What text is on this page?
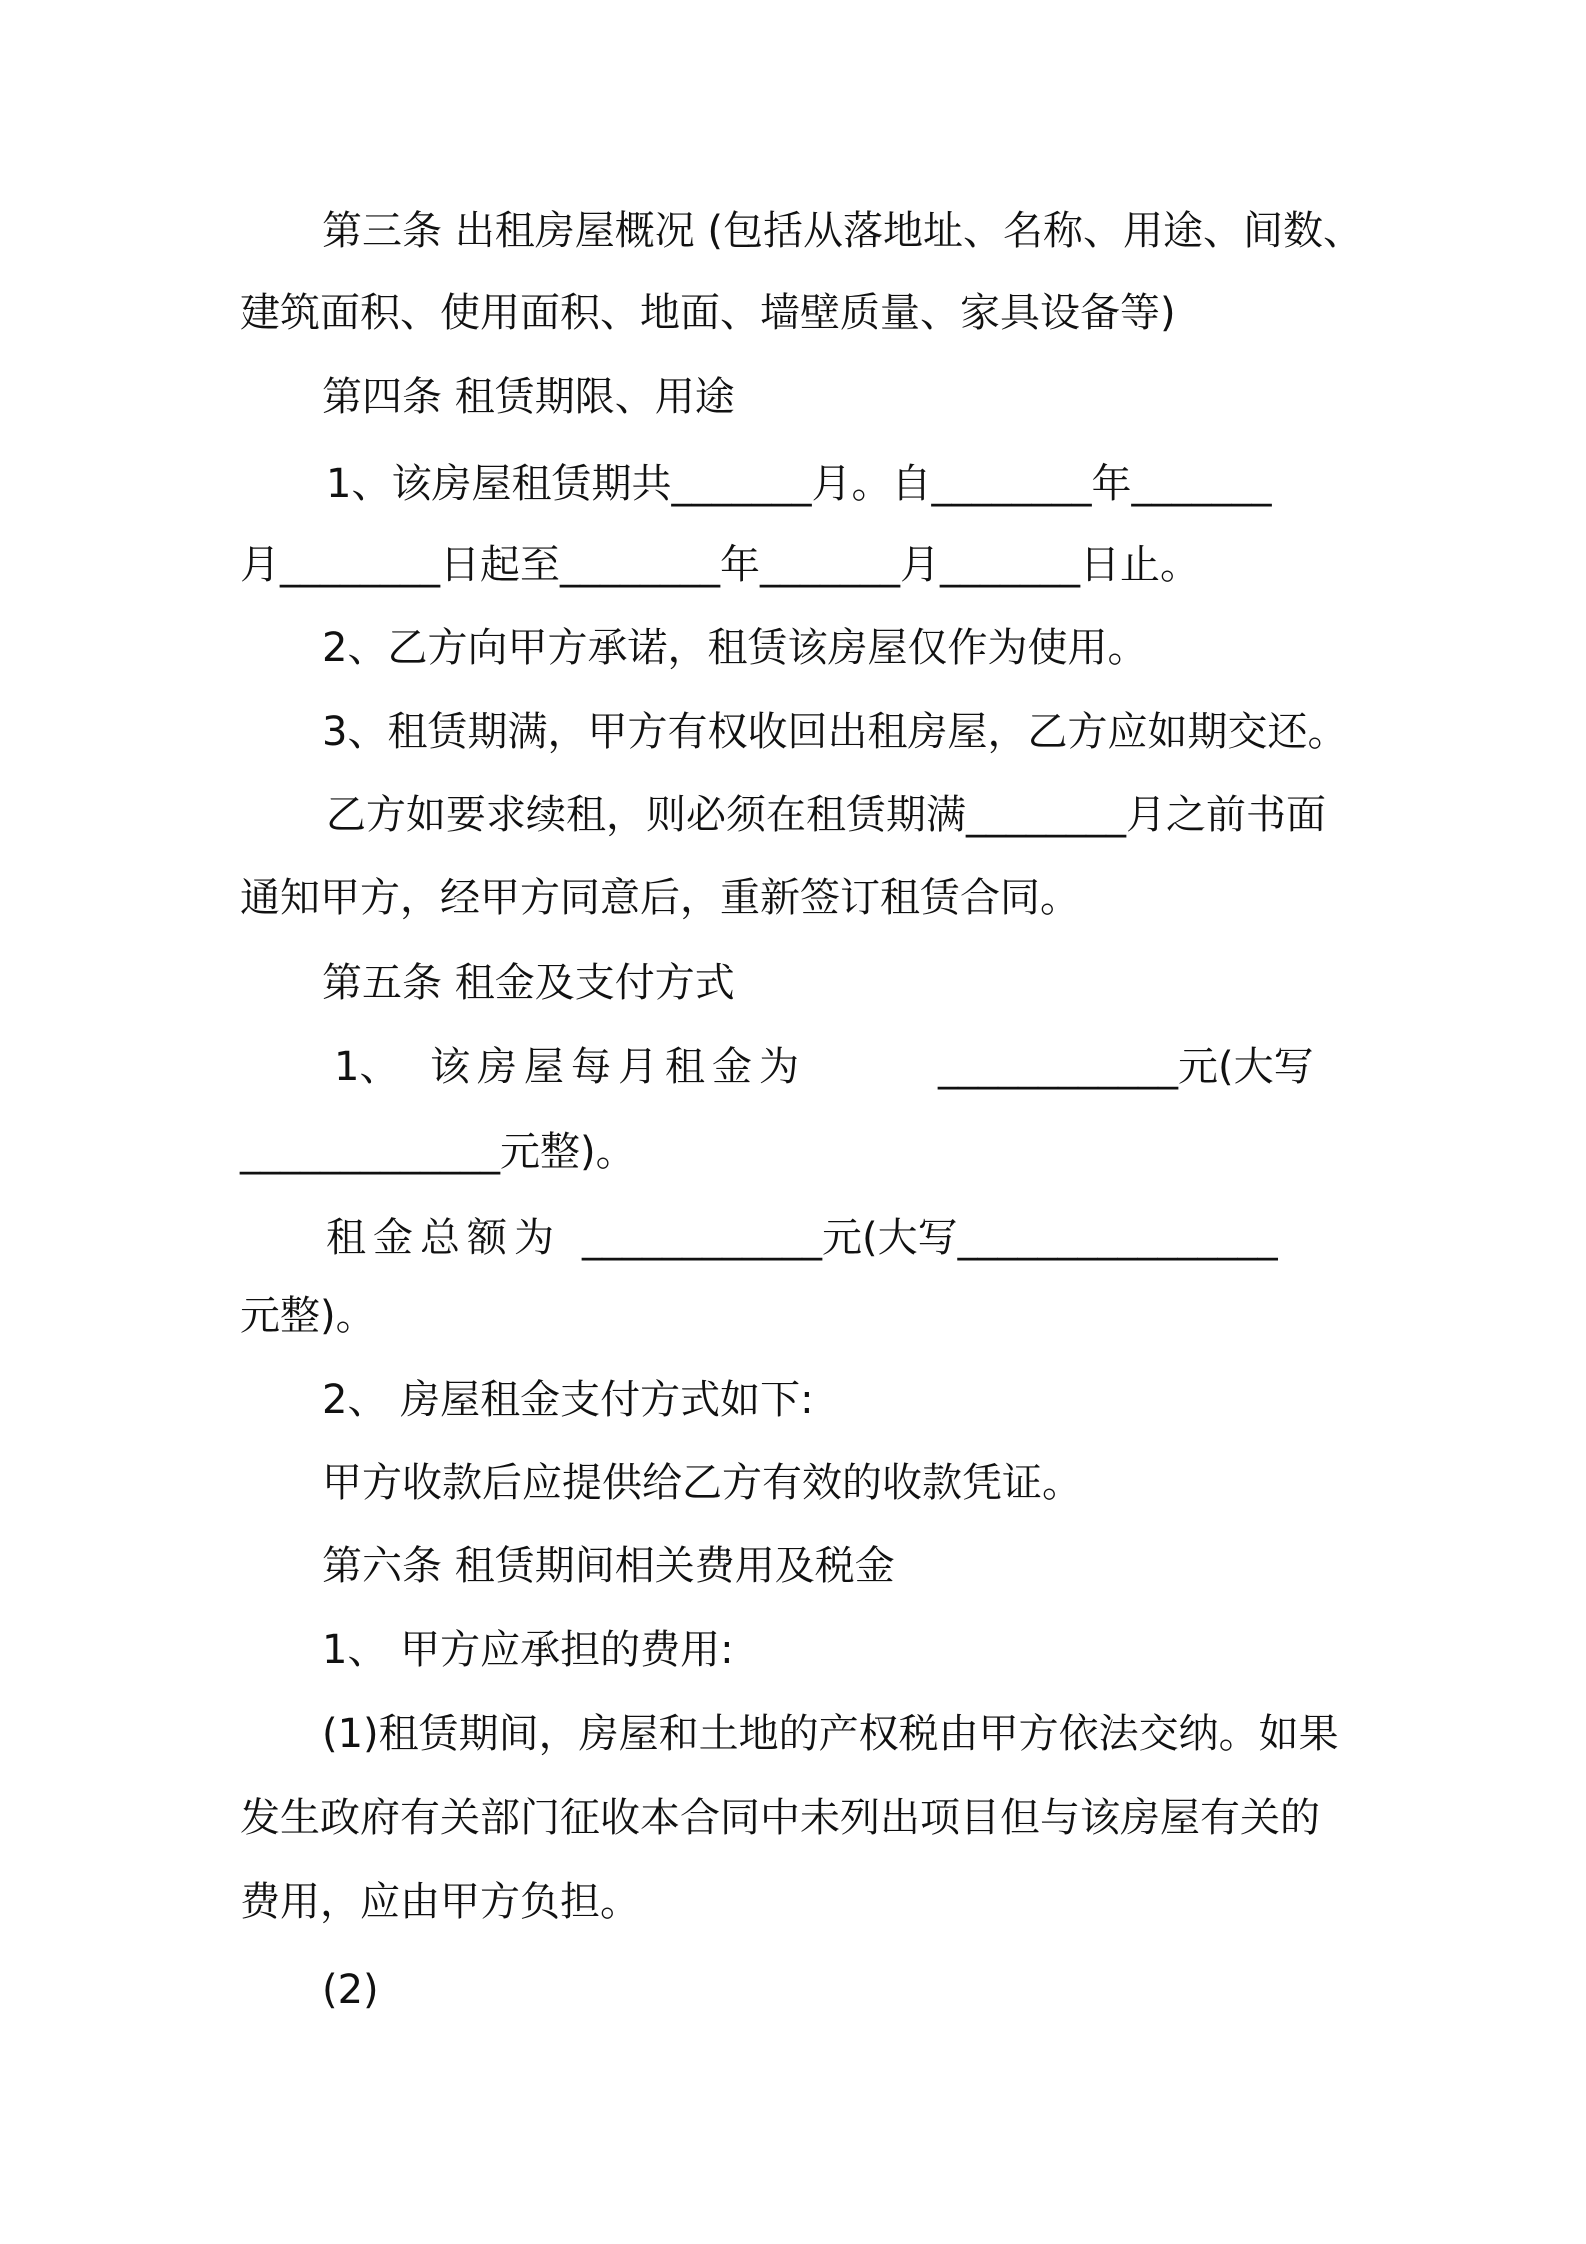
第三条 出租房屋概况 (包括从落地址、名称、用途、间数、
建筑面积、使用面积、地面、墙壁质量、家具设备等)
第四条 租赁期限、用途
1、该房屋租赁期共_______月。自________年_______
月________日起至________年_______月_______日止。
2、乙方向甲方承诺，租赁该房屋仅作为使用。
3、租赁期满，甲方有权收回出租房屋，乙方应如期交还。
乙方如要求续租，则必须在租赁期满________月之前书面
通知甲方，经甲方同意后，重新签订租赁合同。
第五条 租金及支付方式
1、 该房屋每月租金为	____________元(大写
_____________元整)。
租金总额为 ____________元(大写________________
元整)。
2、 房屋租金支付方式如下:
甲方收款后应提供给乙方有效的收款凭证。
第六条 租赁期间相关费用及税金
1、 甲方应承担的费用:
(1)租赁期间，房屋和土地的产权税由甲方依法交纳。如果
发生政府有关部门征收本合同中未列出项目但与该房屋有关的
费用，应由甲方负担。
(2)
